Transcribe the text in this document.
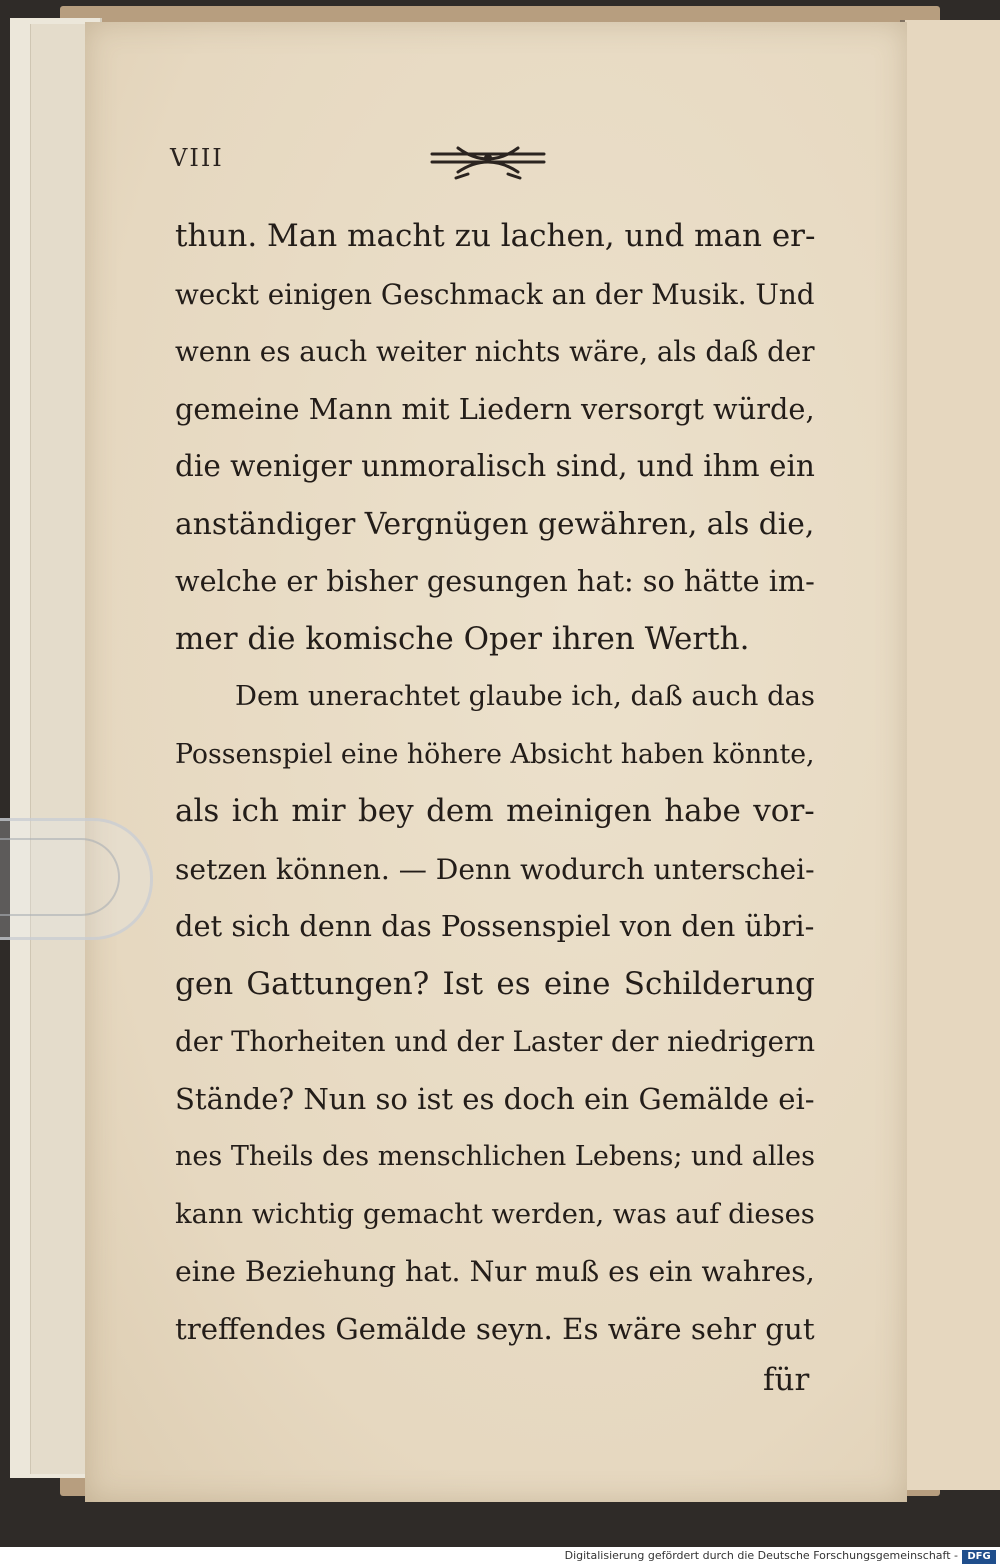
VIII
thun. Man macht zu lachen, und man er-
weckt einigen Geschmack an der Musik. Und
wenn es auch weiter nichts wäre, als daß der
gemeine Mann mit Liedern versorgt würde,
die weniger unmoralisch sind, und ihm ein
anständiger Vergnügen gewähren, als die,
welche er bisher gesungen hat: so hätte im-
mer die komische Oper ihren Werth.
Dem unerachtet glaube ich, daß auch das
Possenspiel eine höhere Absicht haben könnte,
als ich mir bey dem meinigen habe vor-
setzen können. — Denn wodurch unterschei-
det sich denn das Possenspiel von den übri-
gen Gattungen? Ist es eine Schilderung
der Thorheiten und der Laster der niedrigern
Stände? Nun so ist es doch ein Gemälde ei-
nes Theils des menschlichen Lebens; und alles
kann wichtig gemacht werden, was auf dieses
eine Beziehung hat. Nur muß es ein wahres,
treffendes Gemälde seyn. Es wäre sehr gut
für
Digitalisierung gefördert durch die Deutsche Forschungsgemeinschaft - DFG
